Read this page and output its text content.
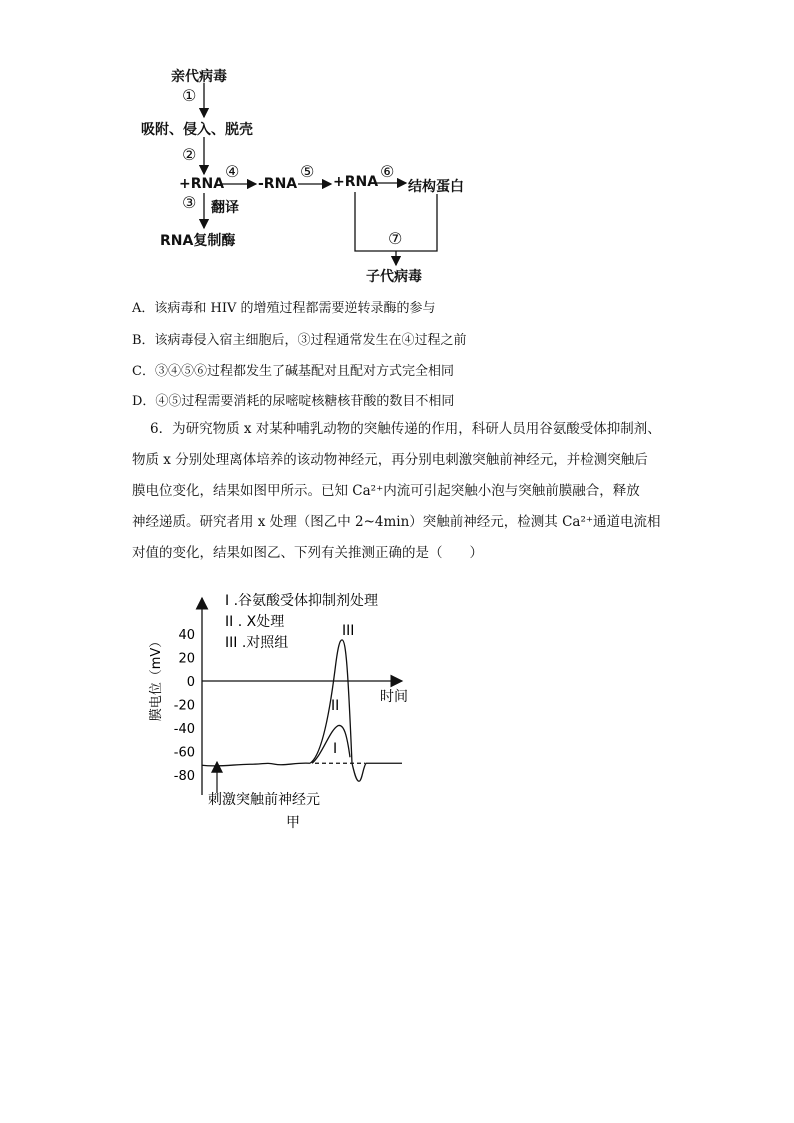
亲代病毒
①
吸附、侵入、脱壳
②
+RNA
④
-RNA
⑤
+RNA
⑥
结构蛋白
③ 翻译
RNA复制酶	⑦
子代病毒
A．该病毒和 HIV 的增殖过程都需要逆转录酶的参与
B．该病毒侵入宿主细胞后，③过程通常发生在④过程之前
C．③④⑤⑥过程都发生了碱基配对且配对方式完全相同
D．④⑤过程需要消耗的尿嘧啶核糖核苷酸的数目不相同
6．为研究物质 x 对某种哺乳动物的突触传递的作用，科研人员用谷氨酸受体抑制剂、
物质 x 分别处理离体培养的该动物神经元，再分别电刺激突触前神经元，并检测突触后
膜电位变化，结果如图甲所示。已知 Ca²⁺内流可引起突触小泡与突触前膜融合，释放
神经递质。研究者用 x 处理（图乙中 2~4min）突触前神经元，检测其 Ca²⁺通道电流相
对值的变化，结果如图乙、下列有关推测正确的是（　　）
40
20
0
-20
-40
-60
-80
膜电位（mV）	时间
I .谷氨酸受体抑制剂处理
II . X处理
III .对照组
III
II
I
刺激突触前神经元
甲
